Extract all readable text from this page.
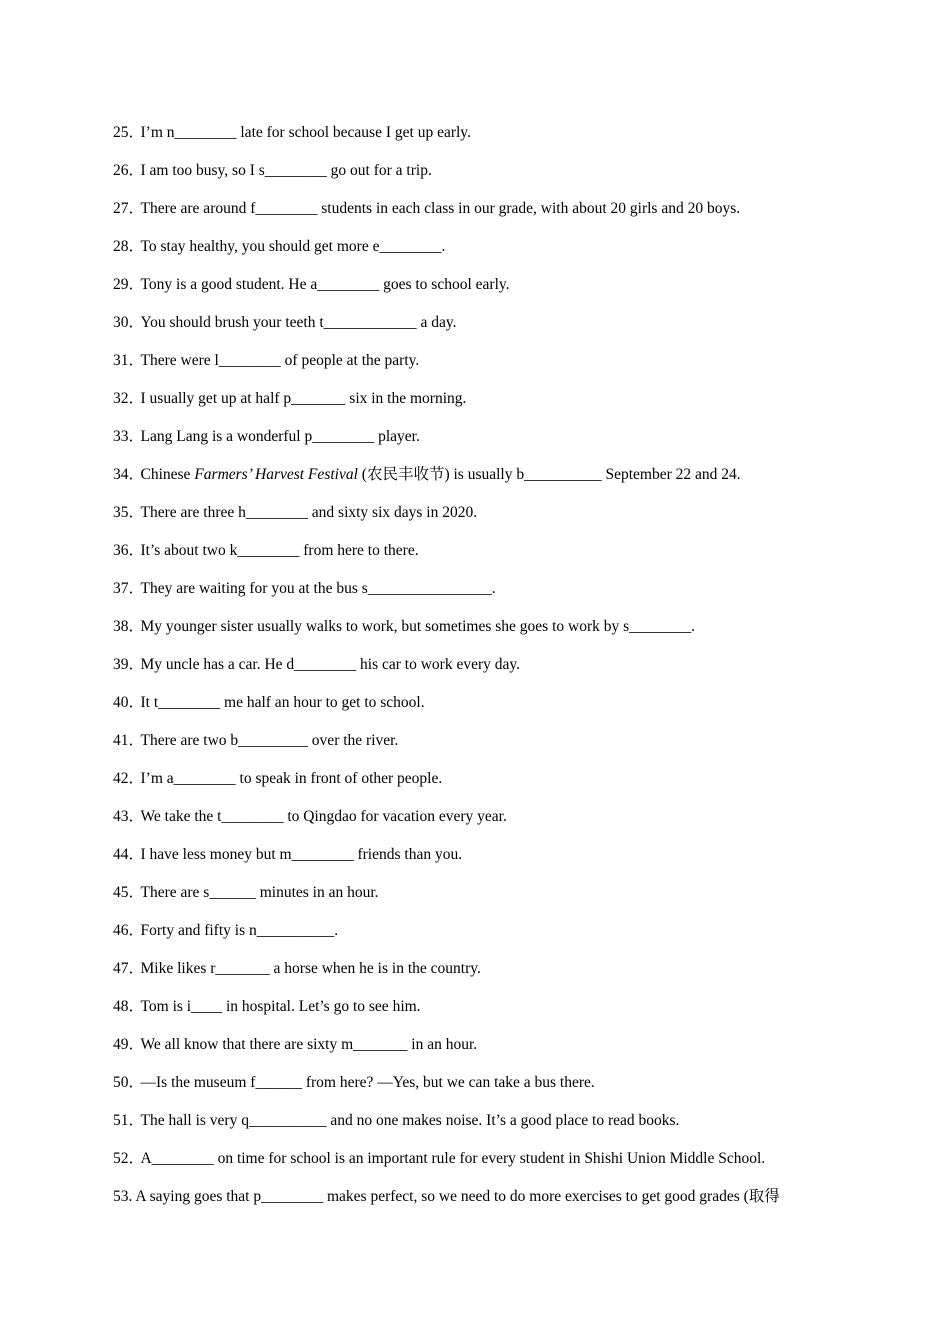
25．I’m n________ late for school because I get up early.
26．I am too busy, so I s________ go out for a trip.
27．There are around f________ students in each class in our grade, with about 20 girls and 20 boys.
28．To stay healthy, you should get more e________.
29．Tony is a good student. He a________ goes to school early.
30．You should brush your teeth t____________ a day.
31．There were l________ of people at the party.
32．I usually get up at half p_______ six in the morning.
33．Lang Lang is a wonderful p________ player.
34．Chinese Farmers’ Harvest Festival (农民丰收节) is usually b__________ September 22 and 24.
35．There are three h________ and sixty six days in 2020.
36．It’s about two k________ from here to there.
37．They are waiting for you at the bus s________________.
38．My younger sister usually walks to work, but sometimes she goes to work by s________.
39．My uncle has a car. He d________ his car to work every day.
40．It t________ me half an hour to get to school.
41．There are two b_________ over the river.
42．I’m a________ to speak in front of other people.
43．We take the t________ to Qingdao for vacation every year.
44．I have less money but m________ friends than you.
45．There are s______ minutes in an hour.
46．Forty and fifty is n__________.
47．Mike likes r_______ a horse when he is in the country.
48．Tom is i____ in hospital. Let’s go to see him.
49．We all know that there are sixty m_______ in an hour.
50．—Is the museum f______ from here? —Yes, but we can take a bus there.
51．The hall is very q__________ and no one makes noise. It’s a good place to read books.
52．A________ on time for school is an important rule for every student in Shishi Union Middle School.
53. A saying goes that p________ makes perfect, so we need to do more exercises to get good grades (取得
